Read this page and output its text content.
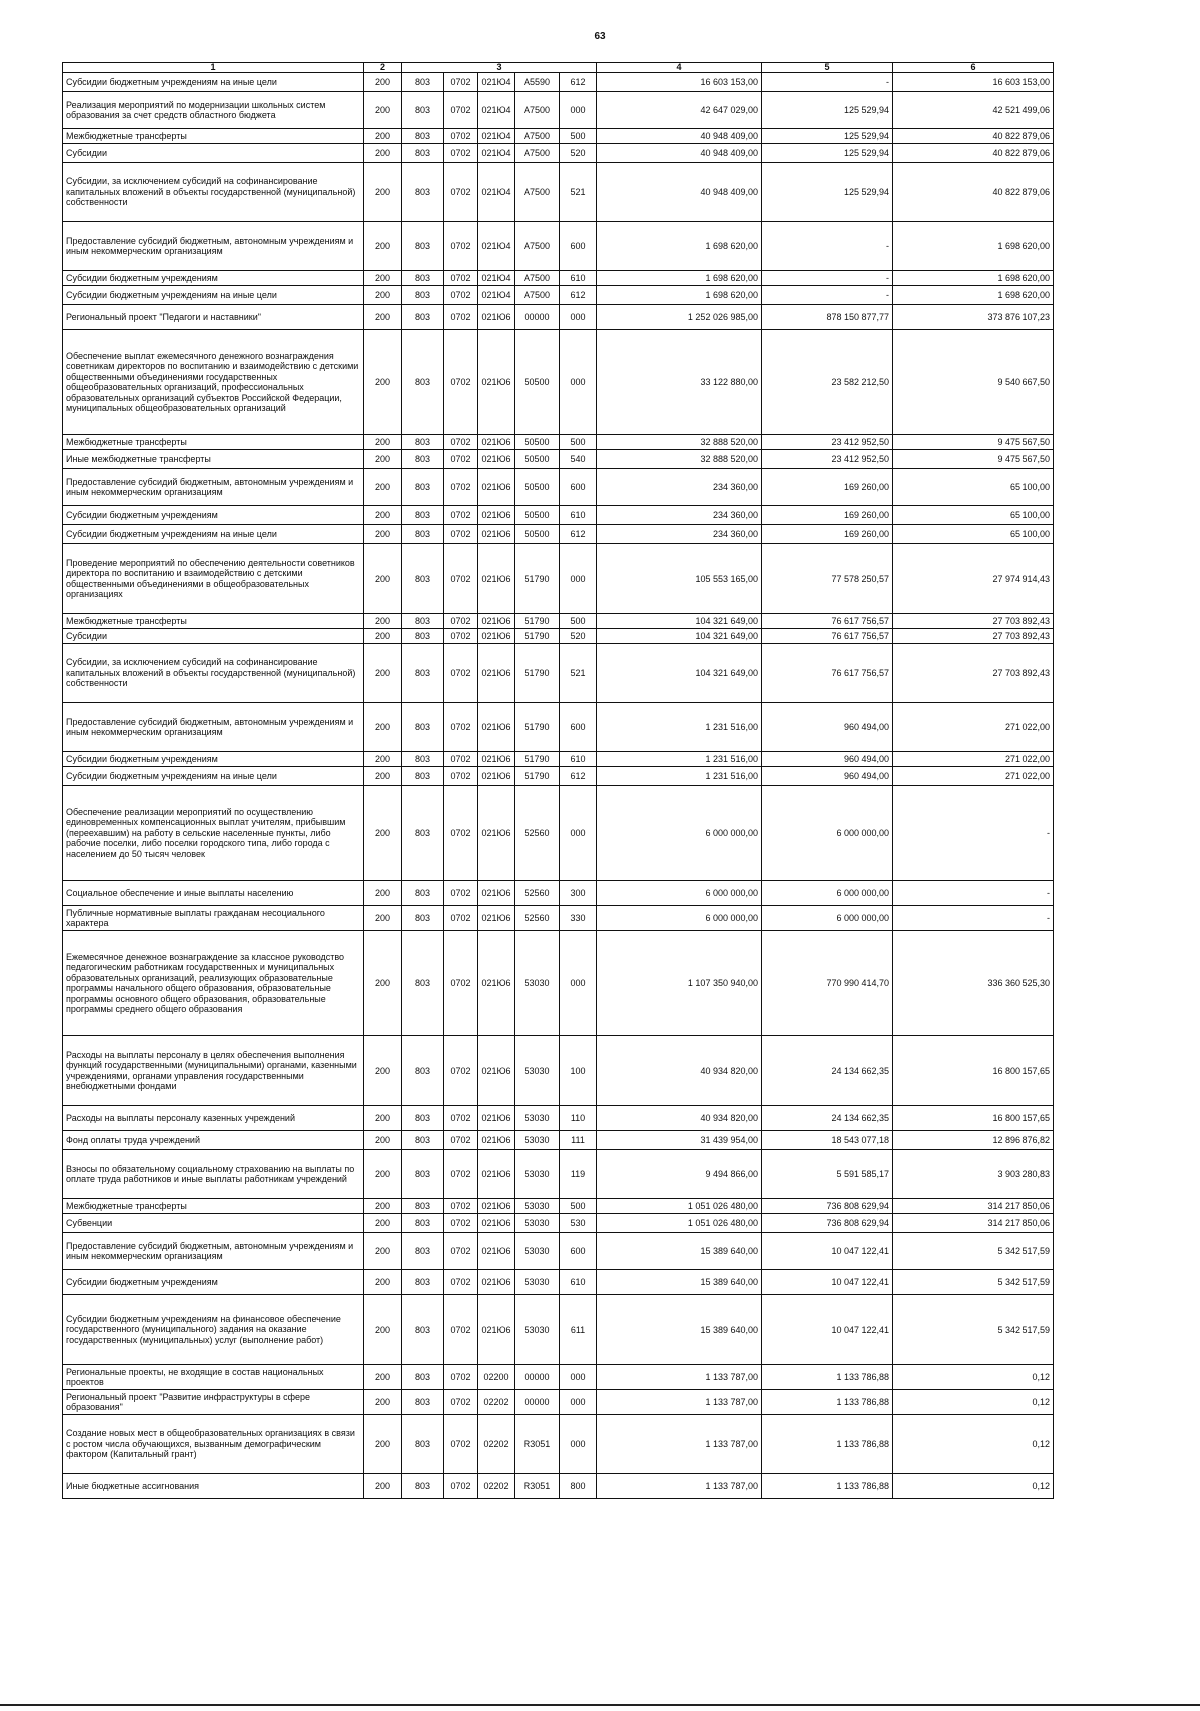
63
1	2	3					4	5	6
Субсидии бюджетным учреждениям на иные цели	200	803	0702	021Ю4	А5590	612	16 603 153,00	-	16 603 153,00
Реализация мероприятий по модернизации школьных систем образования за счет средств областного бюджета	200	803	0702	021Ю4	А7500	000	42 647 029,00	125 529,94	42 521 499,06
Межбюджетные трансферты	200	803	0702	021Ю4	А7500	500	40 948 409,00	125 529,94	40 822 879,06
Субсидии	200	803	0702	021Ю4	А7500	520	40 948 409,00	125 529,94	40 822 879,06
Субсидии, за исключением субсидий на софинансирование капитальных вложений в объекты государственной (муниципальной) собственности	200	803	0702	021Ю4	А7500	521	40 948 409,00	125 529,94	40 822 879,06
Предоставление субсидий бюджетным, автономным учреждениям и иным некоммерческим организациям	200	803	0702	021Ю4	А7500	600	1 698 620,00	-	1 698 620,00
Субсидии бюджетным учреждениям	200	803	0702	021Ю4	А7500	610	1 698 620,00	-	1 698 620,00
Субсидии бюджетным учреждениям на иные цели	200	803	0702	021Ю4	А7500	612	1 698 620,00	-	1 698 620,00
Региональный проект "Педагоги и наставники"	200	803	0702	021Ю6	00000	000	1 252 026 985,00	878 150 877,77	373 876 107,23
Обеспечение выплат ежемесячного денежного вознаграждения советникам директоров по воспитанию и взаимодействию с детскими общественными объединениями государственных общеобразовательных организаций, профессиональных образовательных организаций субъектов Российской Федерации, муниципальных общеобразовательных организаций	200	803	0702	021Ю6	50500	000	33 122 880,00	23 582 212,50	9 540 667,50
Межбюджетные трансферты	200	803	0702	021Ю6	50500	500	32 888 520,00	23 412 952,50	9 475 567,50
Иные межбюджетные трансферты	200	803	0702	021Ю6	50500	540	32 888 520,00	23 412 952,50	9 475 567,50
Предоставление субсидий бюджетным, автономным учреждениям и иным некоммерческим организациям	200	803	0702	021Ю6	50500	600	234 360,00	169 260,00	65 100,00
Субсидии бюджетным учреждениям	200	803	0702	021Ю6	50500	610	234 360,00	169 260,00	65 100,00
Субсидии бюджетным учреждениям на иные цели	200	803	0702	021Ю6	50500	612	234 360,00	169 260,00	65 100,00
Проведение мероприятий по обеспечению деятельности советников директора по воспитанию и взаимодействию с детскими общественными объединениями в общеобразовательных организациях	200	803	0702	021Ю6	51790	000	105 553 165,00	77 578 250,57	27 974 914,43
Межбюджетные трансферты	200	803	0702	021Ю6	51790	500	104 321 649,00	76 617 756,57	27 703 892,43
Субсидии	200	803	0702	021Ю6	51790	520	104 321 649,00	76 617 756,57	27 703 892,43
Субсидии, за исключением субсидий на софинансирование капитальных вложений в объекты государственной (муниципальной) собственности	200	803	0702	021Ю6	51790	521	104 321 649,00	76 617 756,57	27 703 892,43
Предоставление субсидий бюджетным, автономным учреждениям и иным некоммерческим организациям	200	803	0702	021Ю6	51790	600	1 231 516,00	960 494,00	271 022,00
Субсидии бюджетным учреждениям	200	803	0702	021Ю6	51790	610	1 231 516,00	960 494,00	271 022,00
Субсидии бюджетным учреждениям на иные цели	200	803	0702	021Ю6	51790	612	1 231 516,00	960 494,00	271 022,00
Обеспечение реализации мероприятий по осуществлению единовременных компенсационных выплат учителям, прибывшим (переехавшим) на работу в сельские населенные пункты, либо рабочие поселки, либо поселки городского типа, либо города с населением до 50 тысяч человек	200	803	0702	021Ю6	52560	000	6 000 000,00	6 000 000,00	-
Социальное обеспечение и иные выплаты населению	200	803	0702	021Ю6	52560	300	6 000 000,00	6 000 000,00	-
Публичные нормативные выплаты гражданам несоциального характера	200	803	0702	021Ю6	52560	330	6 000 000,00	6 000 000,00	-
Ежемесячное денежное вознаграждение за классное руководство педагогическим работникам государственных и муниципальных образовательных организаций, реализующих образовательные программы начального общего образования, образовательные программы основного общего образования, образовательные программы среднего общего образования	200	803	0702	021Ю6	53030	000	1 107 350 940,00	770 990 414,70	336 360 525,30
Расходы на выплаты персоналу в целях обеспечения выполнения функций государственными (муниципальными) органами, казенными учреждениями, органами управления государственными внебюджетными фондами	200	803	0702	021Ю6	53030	100	40 934 820,00	24 134 662,35	16 800 157,65
Расходы на выплаты персоналу казенных учреждений	200	803	0702	021Ю6	53030	110	40 934 820,00	24 134 662,35	16 800 157,65
Фонд оплаты труда учреждений	200	803	0702	021Ю6	53030	111	31 439 954,00	18 543 077,18	12 896 876,82
Взносы по обязательному социальному страхованию на выплаты по оплате труда работников и иные выплаты работникам учреждений	200	803	0702	021Ю6	53030	119	9 494 866,00	5 591 585,17	3 903 280,83
Межбюджетные трансферты	200	803	0702	021Ю6	53030	500	1 051 026 480,00	736 808 629,94	314 217 850,06
Субвенции	200	803	0702	021Ю6	53030	530	1 051 026 480,00	736 808 629,94	314 217 850,06
Предоставление субсидий бюджетным, автономным учреждениям и иным некоммерческим организациям	200	803	0702	021Ю6	53030	600	15 389 640,00	10 047 122,41	5 342 517,59
Субсидии бюджетным учреждениям	200	803	0702	021Ю6	53030	610	15 389 640,00	10 047 122,41	5 342 517,59
Субсидии бюджетным учреждениям на финансовое обеспечение государственного (муниципального) задания на оказание государственных (муниципальных) услуг (выполнение работ)	200	803	0702	021Ю6	53030	611	15 389 640,00	10 047 122,41	5 342 517,59
Региональные проекты, не входящие в состав национальных проектов	200	803	0702	02200	00000	000	1 133 787,00	1 133 786,88	0,12
Региональный проект "Развитие инфраструктуры в сфере образования"	200	803	0702	02202	00000	000	1 133 787,00	1 133 786,88	0,12
Создание новых мест в общеобразовательных организациях в связи с ростом числа обучающихся, вызванным демографическим фактором (Капитальный грант)	200	803	0702	02202	R3051	000	1 133 787,00	1 133 786,88	0,12
Иные бюджетные ассигнования	200	803	0702	02202	R3051	800	1 133 787,00	1 133 786,88	0,12
